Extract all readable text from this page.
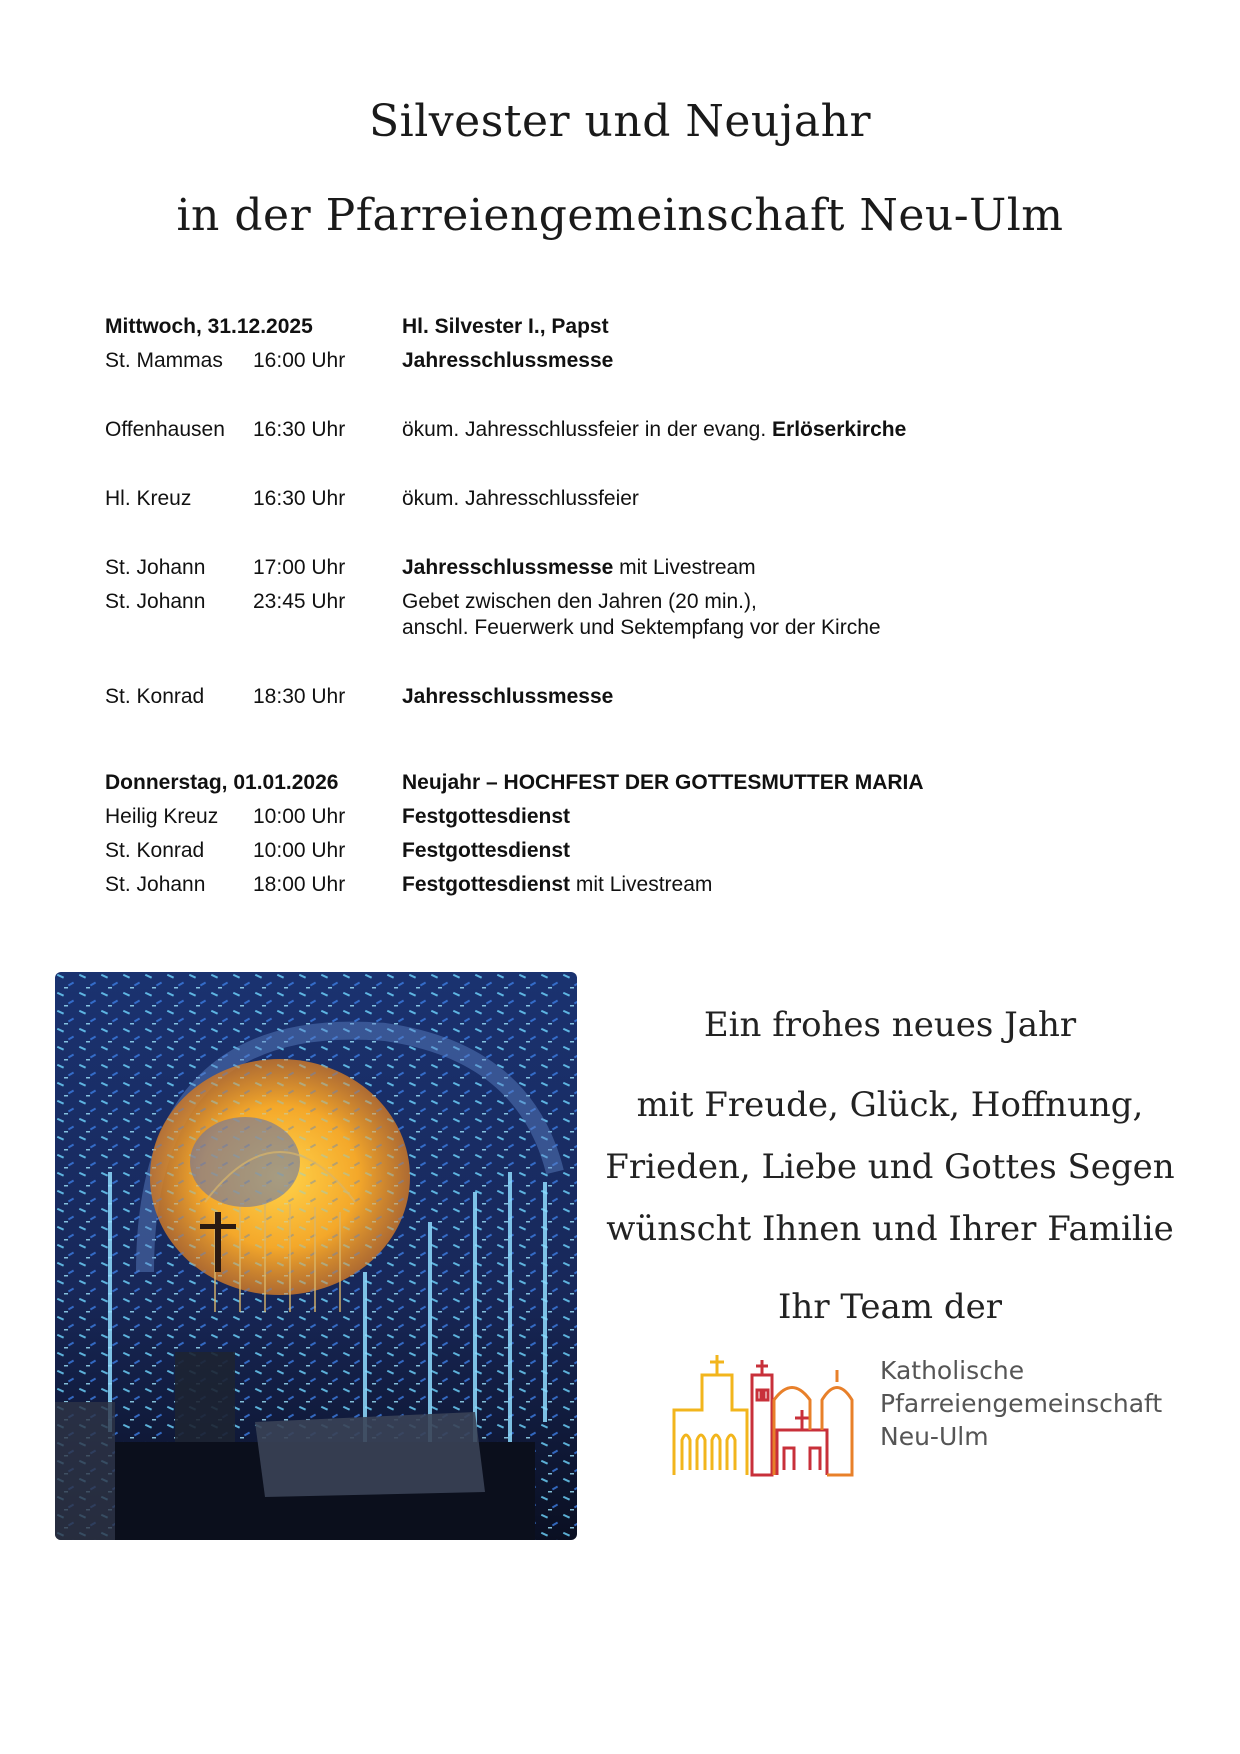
Silvester und Neujahr
in der Pfarreiengemeinschaft Neu-Ulm
Mittwoch, 31.12.2025	Hl. Silvester I., Papst
St. Mammas 16:00 Uhr	Jahresschlussmesse
Offenhausen 16:30 Uhr	ökum. Jahresschlussfeier in der evang. Erlöserkirche
Hl. Kreuz	16:30 Uhr	ökum. Jahresschlussfeier
St. Johann 17:00 Uhr	Jahresschlussmesse mit Livestream
St. Johann 23:45 Uhr	Gebet zwischen den Jahren (20 min.),
anschl. Feuerwerk und Sektempfang vor der Kirche
St. Konrad 18:30 Uhr	Jahresschlussmesse
Donnerstag, 01.01.2026	Neujahr – HOCHFEST DER GOTTESMUTTER MARIA
Heilig Kreuz 10:00 Uhr	Festgottesdienst
St. Konrad 10:00 Uhr	Festgottesdienst
St. Johann 18:00 Uhr	Festgottesdienst mit Livestream
Ein frohes neues Jahr
mit Freude, Glück, Hoffnung,
Frieden, Liebe und Gottes Segen
wünscht Ihnen und Ihrer Familie
Ihr Team der
Katholische
Pfarreiengemeinschaft
Neu-Ulm
